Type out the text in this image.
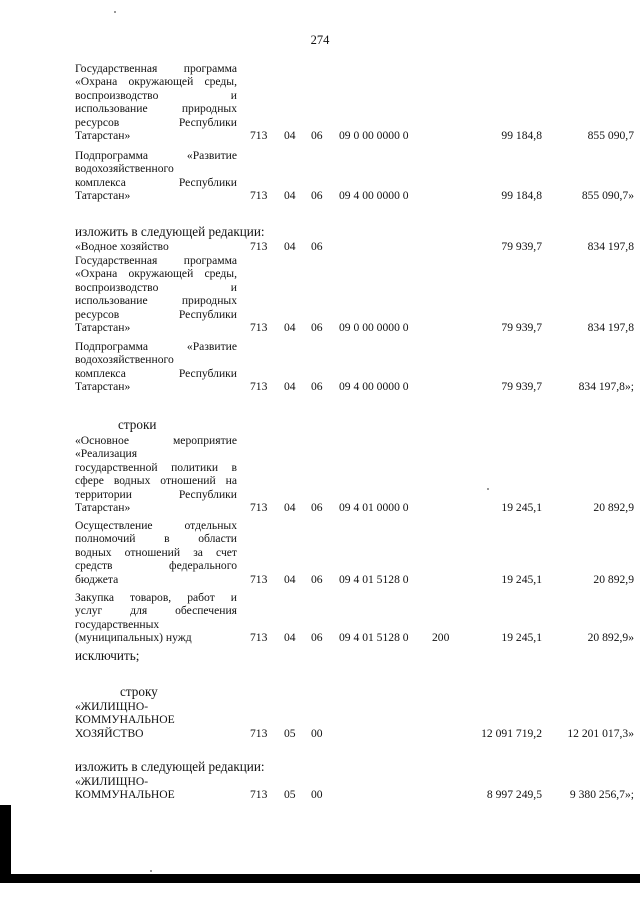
274
Государственная программа
«Охрана окружающей среды,
воспроизводство и
использование природных
ресурсов Республики
Татарстан»	713	04	06	09 0 00 0000 0	99 184,8	855 090,7
Подпрограмма «Развитие
водохозяйственного
комплекса Республики
Татарстан»	713	04	06	09 4 00 0000 0	99 184,8	855 090,7»
«Водное хозяйство	713	04	06	79 939,7	834 197,8
Государственная программа
«Охрана окружающей среды,
воспроизводство и
использование природных
ресурсов Республики
Татарстан»	713	04	06	09 0 00 0000 0	79 939,7	834 197,8
Подпрограмма «Развитие
водохозяйственного
комплекса Республики
Татарстан»	713	04	06	09 4 00 0000 0	79 939,7	834 197,8»;
«Основное мероприятие
«Реализация
государственной политики в
сфере водных отношений на
территории Республики
Татарстан»	713	04	06	09 4 01 0000 0	19 245,1	20 892,9
Осуществление отдельных
полномочий в области
водных отношений за счет
средств федерального
бюджета	713	04	06	09 4 01 5128 0	19 245,1	20 892,9
Закупка товаров, работ и
услуг для обеспечения
государственных
(муниципальных) нужд	713	04	06	09 4 01 5128 0	200	19 245,1	20 892,9»
«ЖИЛИЩНО-
КОММУНАЛЬНОЕ
ХОЗЯЙСТВО	713	05	00	12 091 719,2	12 201 017,3»
«ЖИЛИЩНО-
КОММУНАЛЬНОЕ	713	05	00	8 997 249,5	9 380 256,7»;
изложить в следующей редакции:
строки
исключить;
строку
изложить в следующей редакции:
